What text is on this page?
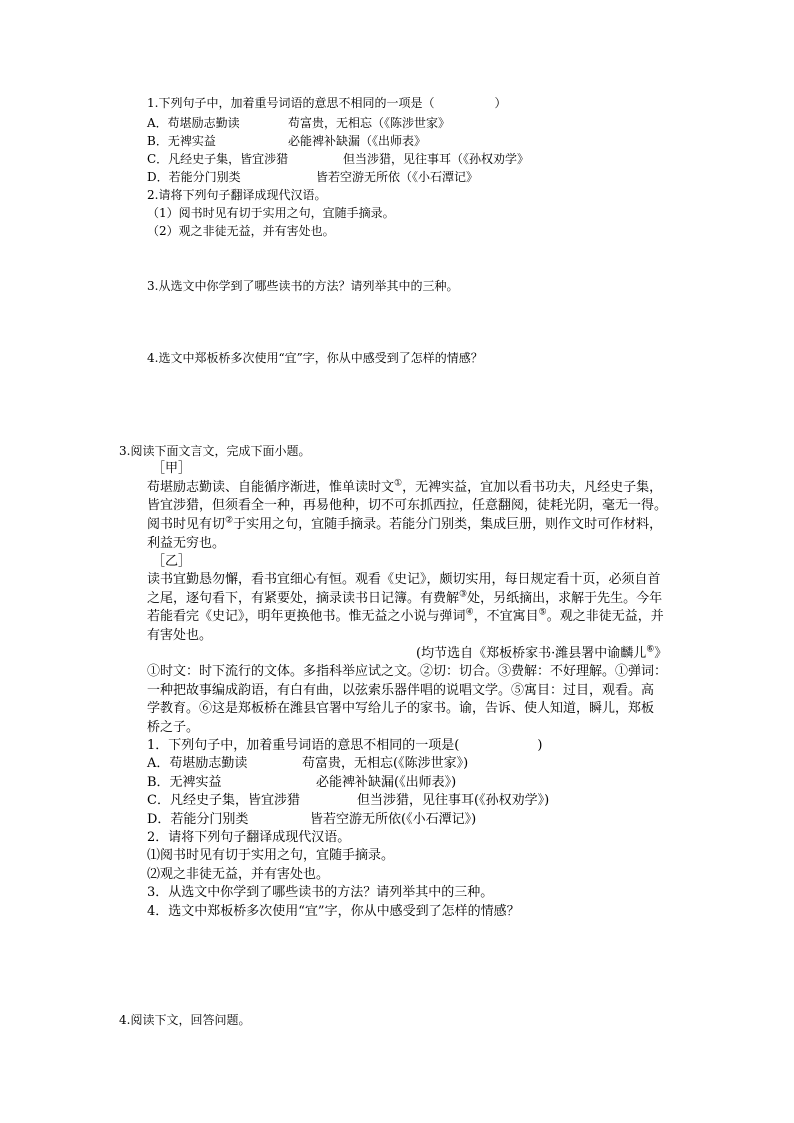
1.下列句子中，加着重号词语的意思不相同的一项是（　　　　　）
A．苟堪励志勤读	苟富贵，无相忘（《陈涉世家》
B．无裨实益	必能裨补缺漏（《出师表》
C．凡经史子集，皆宜涉猎	但当涉猎，见往事耳（《孙权劝学》
D．若能分门别类	皆若空游无所依（《小石潭记》
2.请将下列句子翻译成现代汉语。
（1）阅书时见有切于实用之句，宜随手摘录。
（2）观之非徒无益，并有害处也。
3.从选文中你学到了哪些读书的方法？请列举其中的三种。
4.选文中郑板桥多次使用“宜”字，你从中感受到了怎样的情感？
3.阅读下面文言文，完成下面小题。
［甲］
苟堪励志勤读、自能循序渐进，惟单读时文①，无裨实益，宜加以看书功夫，凡经史子集，
皆宜涉猎，但须看全一种，再易他种，切不可东抓西拉，任意翻阅，徒耗光阴，毫无一得。
阅书时见有切②于实用之句，宜随手摘录。若能分门别类，集成巨册，则作文时可作材料，
利益无穷也。
［乙］
读书宜勤恳勿懈，看书宜细心有恒。观看《史记》，颇切实用，每日规定看十页，必须自首
之尾，逐句看下，有紧要处，摘录读书日记簿。有费解③处，另纸摘出，求解于先生。今年
若能看完《史记》，明年更换他书。惟无益之小说与弹词④，不宜寓目⑤。观之非徒无益，并
有害处也。
(均节选自《郑板桥家书·潍县署中谕麟儿⑥》
①时文：时下流行的文体。多指科举应试之文。②切：切合。③费解：不好理解。①弹词：
一种把故事编成韵语，有白有曲，以弦索乐器伴唱的说唱文学。⑤寓目：过目，观看。高
学教育。⑥这是郑板桥在潍县官署中写给儿子的家书。谕，告诉、使人知道，瞬儿，郑板
桥之子。
1．下列句子中，加着重号词语的意思不相同的一项是(　　　　　　)
A．苟堪励志勤读	苟富贵，无相忘(《陈涉世家》)
B．无裨实益	必能裨补缺漏(《出师表》)
C．凡经史子集，皆宜涉猎	但当涉猎，见往事耳(《孙权劝学》)
D．若能分门别类	皆若空游无所依(《小石潭记》)
2．请将下列句子翻译成现代汉语。
⑴阅书时见有切于实用之句，宜随手摘录。
⑵观之非徒无益，并有害处也。
3．从选文中你学到了哪些读书的方法？请列举其中的三种。
4．选文中郑板桥多次使用“宜”字，你从中感受到了怎样的情感？
4.阅读下文，回答问题。
